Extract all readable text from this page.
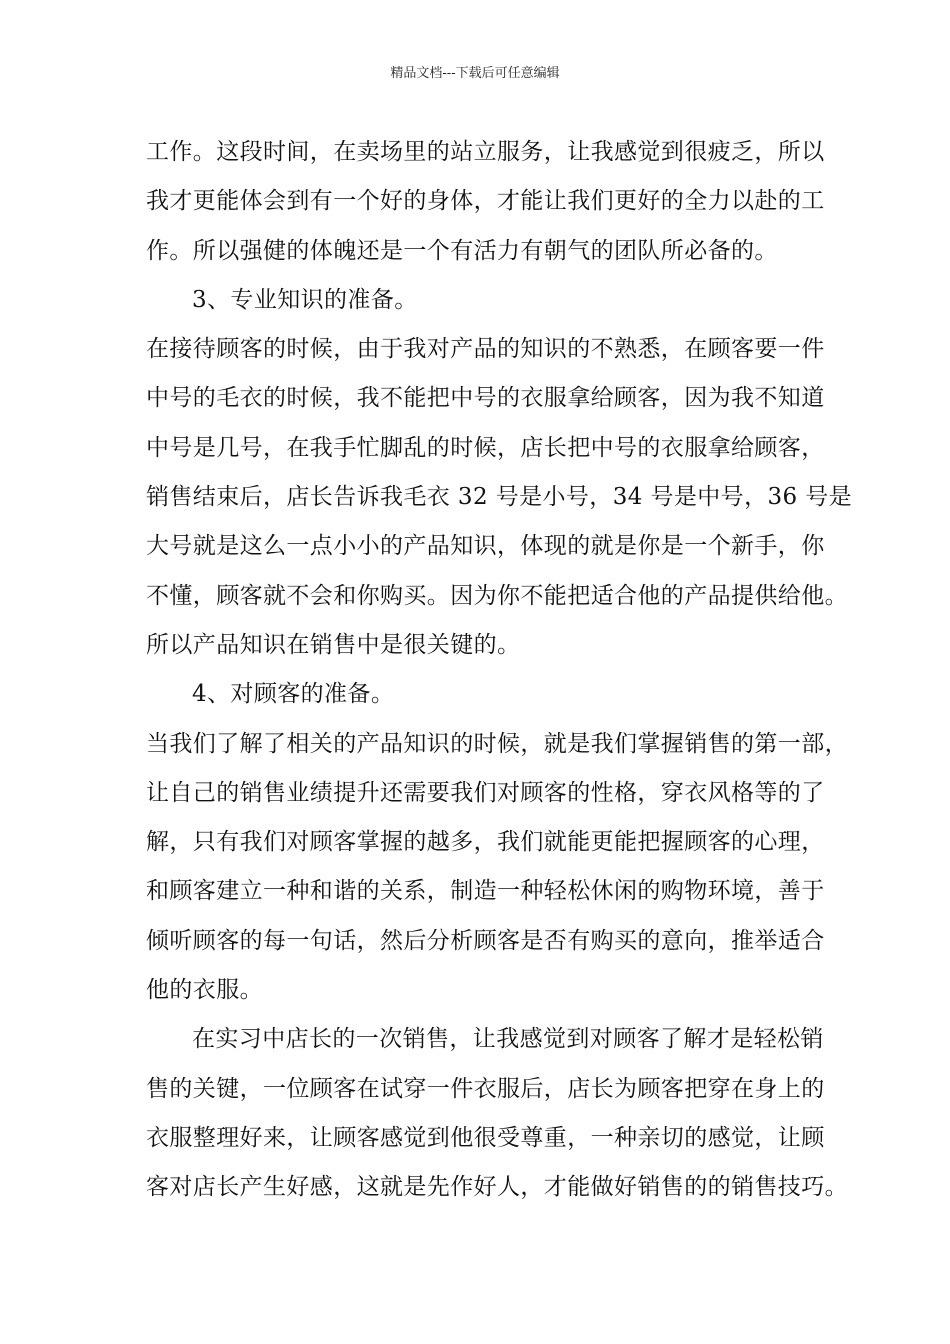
精品文档---下载后可任意编辑
工作。这段时间，在卖场里的站立服务，让我感觉到很疲乏，所以
我才更能体会到有一个好的身体，才能让我们更好的全力以赴的工
作。所以强健的体魄还是一个有活力有朝气的团队所必备的。
3、专业知识的准备。
在接待顾客的时候，由于我对产品的知识的不熟悉，在顾客要一件
中号的毛衣的时候，我不能把中号的衣服拿给顾客，因为我不知道
中号是几号，在我手忙脚乱的时候，店长把中号的衣服拿给顾客，
销售结束后，店长告诉我毛衣 32 号是小号，34 号是中号，36 号是
大号就是这么一点小小的产品知识，体现的就是你是一个新手，你
不懂，顾客就不会和你购买。因为你不能把适合他的产品提供给他。
所以产品知识在销售中是很关键的。
4、对顾客的准备。
当我们了解了相关的产品知识的时候，就是我们掌握销售的第一部，
让自己的销售业绩提升还需要我们对顾客的性格，穿衣风格等的了
解，只有我们对顾客掌握的越多，我们就能更能把握顾客的心理，
和顾客建立一种和谐的关系，制造一种轻松休闲的购物环境，善于
倾听顾客的每一句话，然后分析顾客是否有购买的意向，推举适合
他的衣服。
在实习中店长的一次销售，让我感觉到对顾客了解才是轻松销
售的关键，一位顾客在试穿一件衣服后，店长为顾客把穿在身上的
衣服整理好来，让顾客感觉到他很受尊重，一种亲切的感觉，让顾
客对店长产生好感，这就是先作好人，才能做好销售的的销售技巧。
